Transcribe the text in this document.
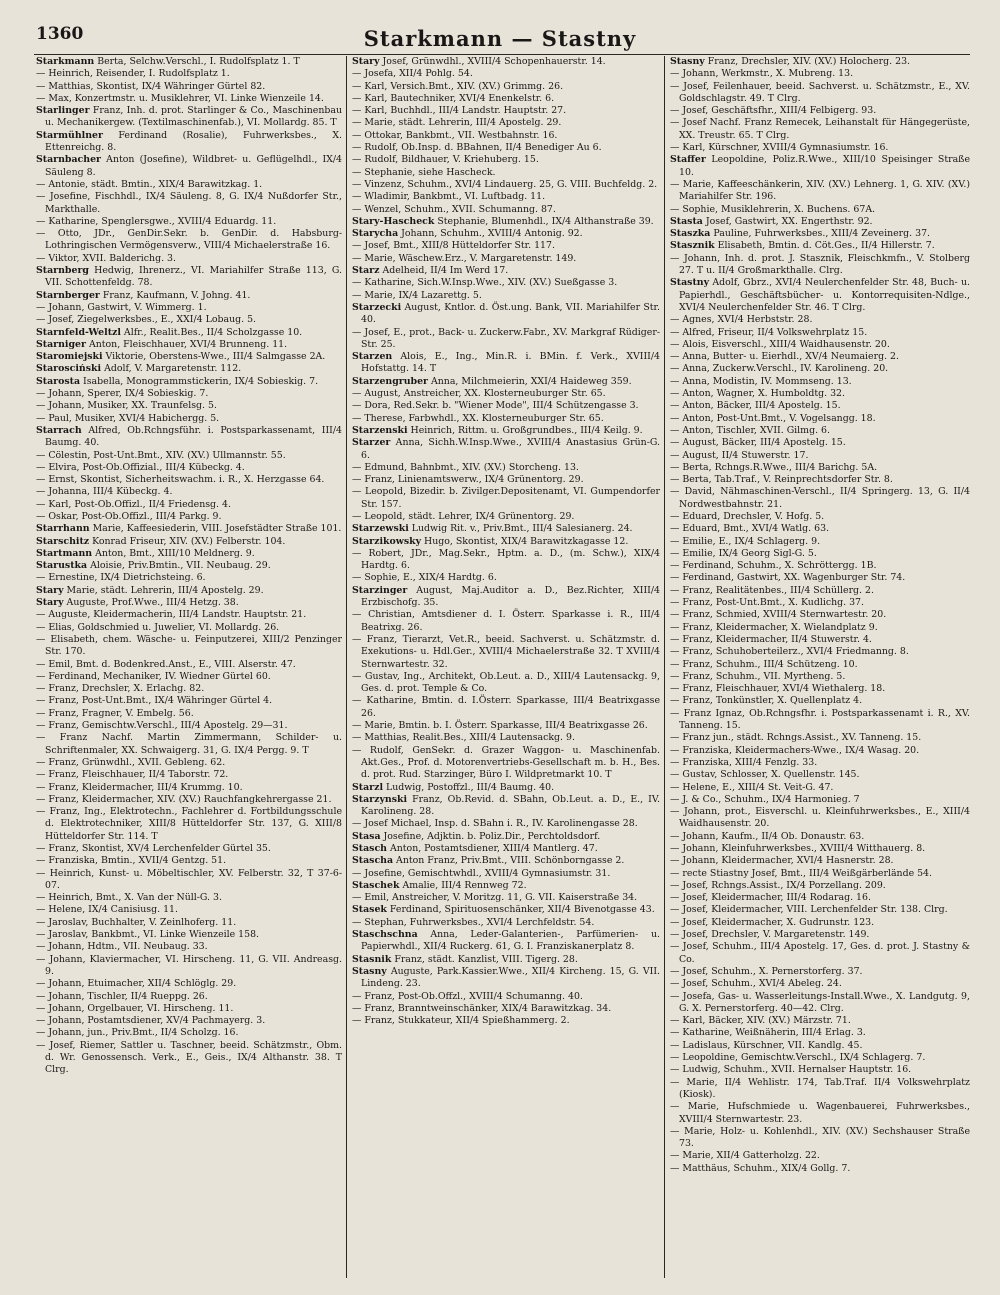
1360	Starkmann — Stastny

Starkmann Berta, Selchw.Verschl., I. Rudolfsplatz 1. T

— Heinrich, Reisender, I. Rudolfsplatz 1.

— Matthias, Skontist, IX/4 Währinger Gürtel 82.

— Max, Konzertmstr. u. Musiklehrer, VI. Linke Wienzeile 14.

Starlinger Franz, Inh. d. prot. Starlinger & Co., Maschinenbau u. Mechanikergew. (Textilmaschinenfab.), VI. Mollardg. 85. T

Starmühlner Ferdinand (Rosalie), Fuhrwerksbes., X. Ettenreichg. 8.

Starnbacher Anton (Josefine), Wildbret- u. Geflügelhdl., IX/4 Säuleng 8.

— Antonie, städt. Bmtin., XIX/4 Barawitzkag. 1.

— Josefine, Fischhdl., IX/4 Säuleng. 8, G. IX/4 Nußdorfer Str., Markthalle.

— Katharine, Spenglersgwe., XVIII/4 Eduardg. 11.

— Otto, JDr., GenDir.Sekr. b. GenDir. d. Habsburg-Lothringischen Vermögensverw., VIII/4 Michaelerstraße 16.

— Viktor, XVII. Balderichg. 3.

Starnberg Hedwig, Ihrenerz., VI. Mariahilfer Straße 113, G. VII. Schottenfeldg. 78.

Starnberger Franz, Kaufmann, V. Johng. 41.

— Johann, Gastwirt, V. Wimmerg. 1.

— Josef, Ziegelwerksbes., E., XXI/4 Lobaug. 5.

Starnfeld-Weltzl Alfr., Realit.Bes., II/4 Scholzgasse 10.

Starniger Anton, Fleischhauer, XVI/4 Brunneng. 11.

Staromiejski Viktorie, Oberstens-Wwe., III/4 Salmgasse 2A.

Starosciński Adolf, V. Margaretenstr. 112.

Starosta Isabella, Monogrammstickerin, IX/4 Sobieskig. 7.

— Johann, Sperer, IX/4 Sobieskig. 7.

— Johann, Musiker, XX. Traunfelsg. 5.

— Paul, Musiker, XVI/4 Habichergg. 5.

Starrach Alfred, Ob.Rchngsführ. i. Postsparkassenamt, III/4 Baumg. 40.

— Cölestin, Post-Unt.Bmt., XIV. (XV.) Ullmannstr. 55.

— Elvira, Post-Ob.Offizial., III/4 Kübeckg. 4.

— Ernst, Skontist, Sicherheitswachm. i. R., X. Herzgasse 64.

— Johanna, III/4 Kübeckg. 4.

— Karl, Post-Ob.Offizl., II/4 Friedensg. 4.

— Oskar, Post-Ob.Offizl., III/4 Parkg. 9.

Starrhann Marie, Kaffeesiederin, VIII. Josefstädter Straße 101.

Starschitz Konrad Friseur, XIV. (XV.) Felberstr. 104.

Startmann Anton, Bmt., XIII/10 Meldnerg. 9.

Starustka Aloisie, Priv.Bmtin., VII. Neubaug. 29.

— Ernestine, IX/4 Dietrichsteing. 6.

Stary Marie, städt. Lehrerin, III/4 Apostelg. 29.

Stary Auguste, Prof.Wwe., III/4 Hetzg. 38.

— Auguste, Kleidermacherin, III/4 Landstr. Hauptstr. 21.

— Elias, Goldschmied u. Juwelier, VI. Mollardg. 26.

— Elisabeth, chem. Wäsche- u. Feinputzerei, XIII/2 Penzinger Str. 170.

— Emil, Bmt. d. Bodenkred.Anst., E., VIII. Alserstr. 47.

— Ferdinand, Mechaniker, IV. Wiedner Gürtel 60.

— Franz, Drechsler, X. Erlachg. 82.

— Franz, Post-Unt.Bmt., IX/4 Währinger Gürtel 4.

— Franz, Fragner, V. Embelg. 56.

— Franz, Gemischtw.Verschl., III/4 Apostelg. 29—31.

— Franz Nachf. Martin Zimmermann, Schilder- u. Schriftenmaler, XX. Schwaigerg. 31, G. IX/4 Pergg. 9. T

— Franz, Grünwdhl., XVII. Gebleng. 62.

— Franz, Fleischhauer, II/4 Taborstr. 72.

— Franz, Kleidermacher, III/4 Krummg. 10.

— Franz, Kleidermacher, XIV. (XV.) Rauchfangkehrergasse 21.

— Franz, Ing., Elektrotechn., Fachlehrer d. Fortbildungsschule d. Elektrotechniker, XIII/8 Hütteldorfer Str. 137, G. XIII/8 Hütteldorfer Str. 114. T

— Franz, Skontist, XV/4 Lerchenfelder Gürtel 35.

— Franziska, Bmtin., XVII/4 Gentzg. 51.

— Heinrich, Kunst- u. Möbeltischler, XV. Felberstr. 32, T 37-6-07.

— Heinrich, Bmt., X. Van der Nüll-G. 3.

— Helene, IX/4 Canisiusg. 11.

— Jaroslav, Buchhalter, V. Zeinlhoferg. 11.

— Jaroslav, Bankbmt., VI. Linke Wienzeile 158.

— Johann, Hdtm., VII. Neubaug. 33.

— Johann, Klaviermacher, VI. Hirscheng. 11, G. VII. Andreasg. 9.

— Johann, Etuimacher, XII/4 Schlöglg. 29.

— Johann, Tischler, II/4 Rueppg. 26.

— Johann, Orgelbauer, VI. Hirscheng. 11.

— Johann, Postamtsdiener, XV/4 Pachmayerg. 3.

— Johann, jun., Priv.Bmt., II/4 Scholzg. 16.

— Josef, Riemer, Sattler u. Taschner, beeid. Schätzmstr., Obm. d. Wr. Genossensch. Verk., E., Geis., IX/4 Althanstr. 38. T Clrg.

Stary Josef, Grünwdhl., XVIII/4 Schopenhauerstr. 14.

— Josefa, XII/4 Pohlg. 54.

— Karl, Versich.Bmt., XIV. (XV.) Grimmg. 26.

— Karl, Bautechniker, XVI/4 Enenkelstr. 6.

— Karl, Buchhdl., III/4 Landstr. Hauptstr. 27.

— Marie, städt. Lehrerin, III/4 Apostelg. 29.

— Ottokar, Bankbmt., VII. Westbahnstr. 16.

— Rudolf, Ob.Insp. d. BBahnen, II/4 Benediger Au 6.

— Rudolf, Bildhauer, V. Kriehuberg. 15.

— Stephanie, siehe Hascheck.

— Vinzenz, Schuhm., XVI/4 Lindauerg. 25, G. VIII. Buchfeldg. 2.

— Wladimir, Bankbmt., VI. Luftbadg. 11.

— Wenzel, Schuhm., XVII. Schumanng. 87.

Stary-Hascheck Stephanie, Blumenhdl., IX/4 Althanstraße 39.

Starycha Johann, Schuhm., XVIII/4 Antonig. 92.

— Josef, Bmt., XIII/8 Hütteldorfer Str. 117.

— Marie, Wäschew.Erz., V. Margaretenstr. 149.

Starz Adelheid, II/4 Im Werd 17.

— Katharine, Sich.W.Insp.Wwe., XIV. (XV.) Sueßgasse 3.

— Marie, IX/4 Lazarettg. 5.

Starzecki August, Kntlor. d. Öst.ung. Bank, VII. Mariahilfer Str. 40.

— Josef, E., prot., Back- u. Zuckerw.Fabr., XV. Markgraf Rüdiger-Str. 25.

Starzen Alois, E., Ing., Min.R. i. BMin. f. Verk., XVIII/4 Hofstattg. 14. T

Starzengruber Anna, Milchmeierin, XXI/4 Haideweg 359.

— August, Anstreicher, XX. Klosterneuburger Str. 65.

— Dora, Red.Sekr. b. "Wiener Mode", III/4 Schützengasse 3.

— Therese, Farbwhdl., XX. Klosterneuburger Str. 65.

Starzenski Heinrich, Rittm. u. Großgrundbes., III/4 Keilg. 9.

Starzer Anna, Sichh.W.Insp.Wwe., XVIII/4 Anastasius Grün-G. 6.

— Edmund, Bahnbmt., XIV. (XV.) Storcheng. 13.

— Franz, Linienamtswerw., IX/4 Grünentorg. 29.

— Leopold, Bizedir. b. Zivilger.Depositenamt, VI. Gumpendorfer Str. 157.

— Leopold, städt. Lehrer, IX/4 Grünentorg. 29.

Starzewski Ludwig Rit. v., Priv.Bmt., III/4 Salesianerg. 24.

Starzikowsky Hugo, Skontist, XIX/4 Barawitzkagasse 12.

— Robert, JDr., Mag.Sekr., Hptm. a. D., (m. Schw.), XIX/4 Hardtg. 6.

— Sophie, E., XIX/4 Hardtg. 6.

Starzinger August, Maj.Auditor a. D., Bez.Richter, XIII/4 Erzbischofg. 35.

— Christian, Amtsdiener d. I. Österr. Sparkasse i. R., III/4 Beatrixg. 26.

— Franz, Tierarzt, Vet.R., beeid. Sachverst. u. Schätzmstr. d. Exekutions- u. Hdl.Ger., XVIII/4 Michaelerstraße 32. T XVIII/4 Sternwartestr. 32.

— Gustav, Ing., Architekt, Ob.Leut. a. D., XIII/4 Lautensackg. 9, Ges. d. prot. Temple & Co.

— Katharine, Bmtin. d. I.Österr. Sparkasse, III/4 Beatrixgasse 26.

— Marie, Bmtin. b. I. Österr. Sparkasse, III/4 Beatrixgasse 26.

— Matthias, Realit.Bes., XIII/4 Lautensackg. 9.

— Rudolf, GenSekr. d. Grazer Waggon- u. Maschinenfab. Akt.Ges., Prof. d. Motorenvertriebs-Gesellschaft m. b. H., Bes. d. prot. Rud. Starzinger, Büro I. Wildpretmarkt 10. T

Starzl Ludwig, Postoffzl., III/4 Baumg. 40.

Starzynski Franz, Ob.Revid. d. SBahn, Ob.Leut. a. D., E., IV. Karolineng. 28.

— Josef Michael, Insp. d. SBahn i. R., IV. Karolinengasse 28.

Stasa Josefine, Adjktin. b. Poliz.Dir., Perchtoldsdorf.

Stasch Anton, Postamtsdiener, XIII/4 Mantlerg. 47.

Stascha Anton Franz, Priv.Bmt., VIII. Schönborngasse 2.

— Josefine, Gemischtwhdl., XVIII/4 Gymnasiumstr. 31.

Staschek Amalie, III/4 Rennweg 72.

— Emil, Anstreicher, V. Moritzg. 11, G. VII. Kaiserstraße 34.

Stasek Ferdinand, Spirituosenschänker, XII/4 Bivenotgasse 43.

— Stephan, Fuhrwerksbes., XVI/4 Lerchfeldstr. 54.

Staschschna Anna, Leder-Galanterien-, Parfümerien- u. Papierwhdl., XII/4 Ruckerg. 61, G. I. Franziskanerplatz 8.

Stasnik Franz, städt. Kanzlist, VIII. Tigerg. 28.

Stasny Auguste, Park.Kassier.Wwe., XII/4 Kircheng. 15, G. VII. Lindeng. 23.

— Franz, Post-Ob.Offzl., XVIII/4 Schumanng. 40.

— Franz, Branntweinschänker, XIX/4 Barawitzkag. 34.

— Franz, Stukkateur, XII/4 Spießhammerg. 2.

Stasny Franz, Drechsler, XIV. (XV.) Holocherg. 23.

— Johann, Werkmstr., X. Mubreng. 13.

— Josef, Feilenhauer, beeid. Sachverst. u. Schätzmstr., E., XV. Goldschlagstr. 49. T Clrg.

— Josef, Geschäftsfhr., XIII/4 Felbigerg. 93.

— Josef Nachf. Franz Remecek, Leihanstalt für Hängegerüste, XX. Treustr. 65. T Clrg.

— Karl, Kürschner, XVIII/4 Gymnasiumstr. 16.

Staffer Leopoldine, Poliz.R.Wwe., XIII/10 Speisinger Straße 10.

— Marie, Kaffeeschänkerin, XIV. (XV.) Lehnerg. 1, G. XIV. (XV.) Mariahilfer Str. 196.

— Sophie, Musiklehrerin, X. Buchens. 67A.

Stasta Josef, Gastwirt, XX. Engerthstr. 92.

Staszka Pauline, Fuhrwerksbes., XIII/4 Zeveinerg. 37.

Stasznik Elisabeth, Bmtin. d. Cöt.Ges., II/4 Hillerstr. 7.

— Johann, Inh. d. prot. J. Stasznik, Fleischkmfn., V. Stolberg 27. T u. II/4 Großmarkthalle. Clrg.

Stastny Adolf, Gbrz., XVI/4 Neulerchenfelder Str. 48, Buch- u. Papierhdl., Geschäftsbücher- u. Kontorrequisiten-Ndlge., XVI/4 Neulerchenfelder Str. 46. T Clrg.

— Agnes, XVI/4 Herbststr. 28.

— Alfred, Friseur, II/4 Volkswehrplatz 15.

— Alois, Eisverschl., XIII/4 Waidhausenstr. 20.

— Anna, Butter- u. Eierhdl., XV/4 Neumaierg. 2.

— Anna, Zuckerw.Verschl., IV. Karolineng. 20.

— Anna, Modistin, IV. Mommseng. 13.

— Anton, Wagner, X. Humboldtg. 32.

— Anton, Bäcker, III/4 Apostelg. 15.

— Anton, Post-Unt.Bmt., V. Vogelsangg. 18.

— Anton, Tischler, XVII. Gilmg. 6.

— August, Bäcker, III/4 Apostelg. 15.

— August, II/4 Stuwerstr. 17.

— Berta, Rchngs.R.Wwe., III/4 Barichg. 5A.

— Berta, Tab.Traf., V. Reinprechtsdorfer Str. 8.

— David, Nähmaschinen-Verschl., II/4 Springerg. 13, G. II/4 Nordwestbahnstr. 21.

— Eduard, Drechsler, V. Hofg. 5.

— Eduard, Bmt., XVI/4 Watlg. 63.

— Emilie, E., IX/4 Schlagerg. 9.

— Emilie, IX/4 Georg Sigl-G. 5.

— Ferdinand, Schuhm., X. Schröttergg. 1B.

— Ferdinand, Gastwirt, XX. Wagenburger Str. 74.

— Franz, Realitätenbes., III/4 Schüllerg. 2.

— Franz, Post-Unt.Bmt., X. Kudlichg. 37.

— Franz, Schmied, XVIII/4 Sternwartestr. 20.

— Franz, Kleidermacher, X. Wielandplatz 9.

— Franz, Kleidermacher, II/4 Stuwerstr. 4.

— Franz, Schuhoberteilerz., XVI/4 Friedmanng. 8.

— Franz, Schuhm., III/4 Schützeng. 10.

— Franz, Schuhm., VII. Myrtheng. 5.

— Franz, Fleischhauer, XVI/4 Wiethalerg. 18.

— Franz, Tonkünstler, X. Quellenplatz 4.

— Franz Ignaz, Ob.Rchngsfhr. i. Postsparkassenamt i. R., XV. Tanneng. 15.

— Franz jun., städt. Rchngs.Assist., XV. Tanneng. 15.

— Franziska, Kleidermachers-Wwe., IX/4 Wasag. 20.

— Franziska, XIII/4 Fenzlg. 33.

— Gustav, Schlosser, X. Quellenstr. 145.

— Helene, E., XIII/4 St. Veit-G. 47.

— J. & Co., Schuhm., IX/4 Harmonieg. 7

— Johann, prot., Eisverschl. u. Kleinfuhrwerksbes., E., XIII/4 Waidhausenstr. 20.

— Johann, Kaufm., II/4 Ob. Donaustr. 63.

— Johann, Kleinfuhrwerksbes., XVIII/4 Witthauerg. 8.

— Johann, Kleidermacher, XVI/4 Hasnerstr. 28.

— recte Stiastny Josef, Bmt., III/4 Weißgärberlände 54.

— Josef, Rchngs.Assist., IX/4 Porzellang. 209.

— Josef, Kleidermacher, III/4 Rodarag. 16.

— Josef, Kleidermacher, VIII. Lerchenfelder Str. 138. Clrg.

— Josef, Kleidermacher, X. Gudrunstr. 123.

— Josef, Drechsler, V. Margaretenstr. 149.

— Josef, Schuhm., III/4 Apostelg. 17, Ges. d. prot. J. Stastny & Co.

— Josef, Schuhm., X. Pernerstorferg. 37.

— Josef, Schuhm., XVI/4 Abeleg. 24.

— Josefa, Gas- u. Wasserleitungs-Install.Wwe., X. Landgutg. 9, G. X. Pernerstorferg. 40—42. Clrg.

— Karl, Bäcker, XIV. (XV.) Märzstr. 71.

— Katharine, Weißnäherin, III/4 Erlag. 3.

— Ladislaus, Kürschner, VII. Kandlg. 45.

— Leopoldine, Gemischtw.Verschl., IX/4 Schlagerg. 7.

— Ludwig, Schuhm., XVII. Hernalser Hauptstr. 16.

— Marie, II/4 Wehlistr. 174, Tab.Traf. II/4 Volkswehrplatz (Kiosk).

— Marie, Hufschmiede u. Wagenbauerei, Fuhrwerksbes., XVIII/4 Sternwartestr. 23.

— Marie, Holz- u. Kohlenhdl., XIV. (XV.) Sechshauser Straße 73.

— Marie, XII/4 Gatterholzg. 22.

— Matthäus, Schuhm., XIX/4 Gollg. 7.
